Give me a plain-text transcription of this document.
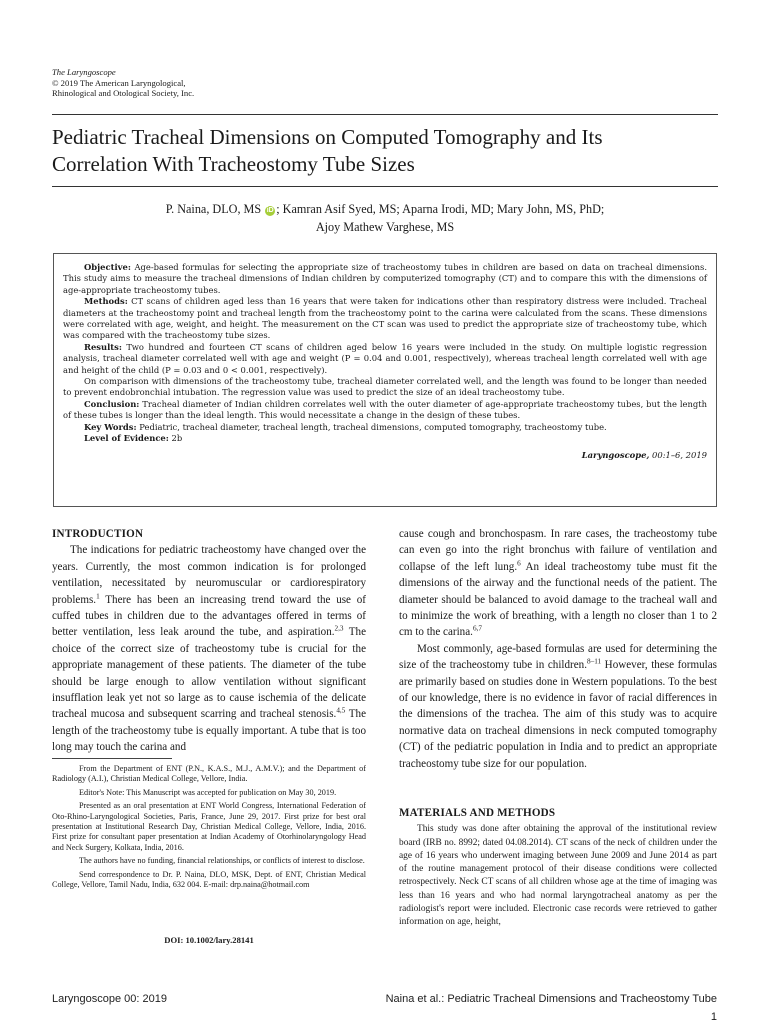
The Laryngoscope
© 2019 The American Laryngological,
Rhinological and Otological Society, Inc.
Pediatric Tracheal Dimensions on Computed Tomography and Its
Correlation With Tracheostomy Tube Sizes
P. Naina, DLO, MS iD ; Kamran Asif Syed, MS; Aparna Irodi, MD; Mary John, MS, PhD;
Ajoy Mathew Varghese, MS

Objective: Age-based formulas for selecting the appropriate size of tracheostomy tubes in children are based on data on tracheal dimensions. This study aims to measure the tracheal dimensions of Indian children by computerized tomography (CT) and to compare this with the dimensions of age-appropriate tracheostomy tubes.

Methods: CT scans of children aged less than 16 years that were taken for indications other than respiratory distress were included. Tracheal diameters at the tracheostomy point and tracheal length from the tracheostomy point to the carina were calculated from the scans. These dimensions were correlated with age, weight, and height. The measurement on the CT scan was used to predict the appropriate size of tracheostomy tube, which was compared with the tracheostomy tube sizes.

Results: Two hundred and fourteen CT scans of children aged below 16 years were included in the study. On multiple logistic regression analysis, tracheal diameter correlated well with age and weight (P = 0.04 and 0.001, respectively), whereas tracheal length correlated well with age and height of the child (P = 0.03 and 0 < 0.001, respectively).

On comparison with dimensions of the tracheostomy tube, tracheal diameter correlated well, and the length was found to be longer than needed to prevent endobronchial intubation. The regression value was used to predict the size of an ideal tracheostomy tube.

Conclusion: Tracheal diameter of Indian children correlates well with the outer diameter of age-appropriate tracheostomy tubes, but the length of these tubes is longer than the ideal length. This would necessitate a change in the design of these tubes.

Key Words: Pediatric, tracheal diameter, tracheal length, tracheal dimensions, computed tomography, tracheostomy tube.

Level of Evidence: 2b

Laryngoscope, 00:1–6, 2019

INTRODUCTION

The indications for pediatric tracheostomy have changed over the years. Currently, the most common indication is for prolonged ventilation, necessitated by neuromuscular or cardiorespiratory problems.$^1$ There has been an increasing trend toward the use of cuffed tubes in children due to the advantages offered in terms of better ventilation, less leak around the tube, and aspiration.$^{2,3}$ The choice of the correct size of tracheostomy tube is crucial for the appropriate management of these patients. The diameter of the tube should be large enough to allow ventilation without significant insufflation leak yet not so large as to cause ischemia of the delicate tracheal mucosa and subsequent scarring and tracheal stenosis.$^{4,5}$ The length of the tracheostomy tube is equally important. A tube that is too long may touch the carina and

From the Department of ENT (P.N., K.A.S., M.J., A.M.V.); and the Department of Radiology (A.I.), Christian Medical College, Vellore, India.

Editor's Note: This Manuscript was accepted for publication on May 30, 2019.

Presented as an oral presentation at ENT World Congress, International Federation of Oto-Rhino-Laryngological Societies, Paris, France, June 29, 2017. First prize for best oral presentation at Institutional Research Day, Christian Medical College, Vellore, India, 2016. First prize for consultant paper presentation at Indian Academy of Otorhinolaryngology Head and Neck Surgery, Kolkata, India, 2016.

The authors have no funding, financial relationships, or conflicts of interest to disclose.

Send correspondence to Dr. P. Naina, DLO, MSK, Dept. of ENT, Christian Medical College, Vellore, Tamil Nadu, India, 632 004. E-mail: drp.naina@hotmail.com

DOI: 10.1002/lary.28141

cause cough and bronchospasm. In rare cases, the tracheostomy tube can even go into the right bronchus with failure of ventilation and collapse of the left lung.$^6$ An ideal tracheostomy tube must fit the dimensions of the airway and the functional needs of the patient. The diameter should be balanced to avoid damage to the tracheal wall and to minimize the work of breathing, with a length no closer than 1 to 2 cm to the carina.$^{6,7}$

Most commonly, age-based formulas are used for determining the size of the tracheostomy tube in children.$^{8-11}$ However, these formulas are primarily based on studies done in Western populations. To the best of our knowledge, there is no evidence in favor of racial differences in the dimensions of the trachea. The aim of this study was to acquire normative data on tracheal dimensions in neck computed tomography (CT) of the pediatric population in India and to predict an appropriate tracheostomy tube size for our population.

MATERIALS AND METHODS

This study was done after obtaining the approval of the institutional review board (IRB no. 8992; dated 04.08.2014). CT scans of the neck of children under the age of 16 years who underwent imaging between June 2009 and June 2014 as part of the routine management protocol of their disease conditions were collected retrospectively. Neck CT scans of all children whose age at the time of imaging was less than 16 years and who had normal laryngotracheal anatomy as per the radiologist's report were included. Electronic case records were retrieved to gather information on age, height,

Laryngoscope 00: 2019	Naina et al.: Pediatric Tracheal Dimensions and Tracheostomy Tube
1
